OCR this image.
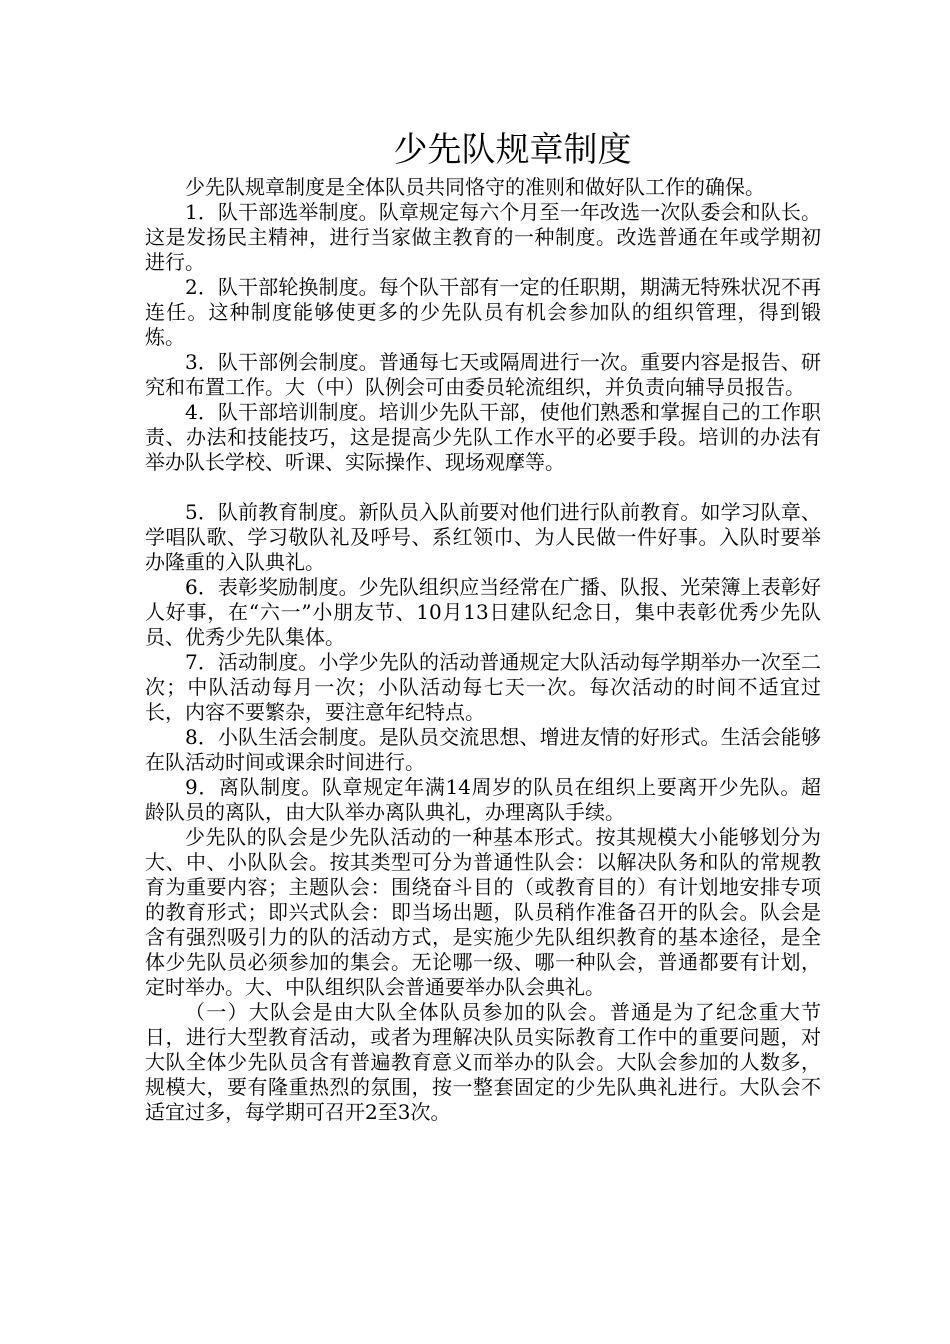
少先队规章制度

少先队规章制度是全体队员共同恪守的准则和做好队工作的确保。

1．队干部选举制度。队章规定每六个月至一年改选一次队委会和队长。这是发扬民主精神，进行当家做主教育的一种制度。改选普通在年或学期初进行。

2．队干部轮换制度。每个队干部有一定的任职期，期满无特殊状况不再连任。这种制度能够使更多的少先队员有机会参加队的组织管理，得到锻炼。

3．队干部例会制度。普通每七天或隔周进行一次。重要内容是报告、研究和布置工作。大（中）队例会可由委员轮流组织，并负责向辅导员报告。

4．队干部培训制度。培训少先队干部，使他们熟悉和掌握自己的工作职责、办法和技能技巧，这是提高少先队工作水平的必要手段。培训的办法有举办队长学校、听课、实际操作、现场观摩等。

5．队前教育制度。新队员入队前要对他们进行队前教育。如学习队章、学唱队歌、学习敬队礼及呼号、系红领巾、为人民做一件好事。入队时要举办隆重的入队典礼。

6．表彰奖励制度。少先队组织应当经常在广播、队报、光荣簿上表彰好人好事，在“六一”小朋友节、10月13日建队纪念日，集中表彰优秀少先队员、优秀少先队集体。

7．活动制度。小学少先队的活动普通规定大队活动每学期举办一次至二次；中队活动每月一次；小队活动每七天一次。每次活动的时间不适宜过长，内容不要繁杂，要注意年纪特点。

8．小队生活会制度。是队员交流思想、增进友情的好形式。生活会能够在队活动时间或课余时间进行。

9．离队制度。队章规定年满14周岁的队员在组织上要离开少先队。超龄队员的离队，由大队举办离队典礼，办理离队手续。

少先队的队会是少先队活动的一种基本形式。按其规模大小能够划分为大、中、小队队会。按其类型可分为普通性队会：以解决队务和队的常规教育为重要内容；主题队会：围绕奋斗目的（或教育目的）有计划地安排专项的教育形式；即兴式队会：即当场出题，队员稍作准备召开的队会。队会是含有强烈吸引力的队的活动方式，是实施少先队组织教育的基本途径，是全体少先队员必须参加的集会。无论哪一级、哪一种队会，普通都要有计划，定时举办。大、中队组织队会普通要举办队会典礼。

（一）大队会是由大队全体队员参加的队会。普通是为了纪念重大节日，进行大型教育活动，或者为理解决队员实际教育工作中的重要问题，对大队全体少先队员含有普遍教育意义而举办的队会。大队会参加的人数多，规模大，要有隆重热烈的氛围，按一整套固定的少先队典礼进行。大队会不适宜过多，每学期可召开2至3次。
